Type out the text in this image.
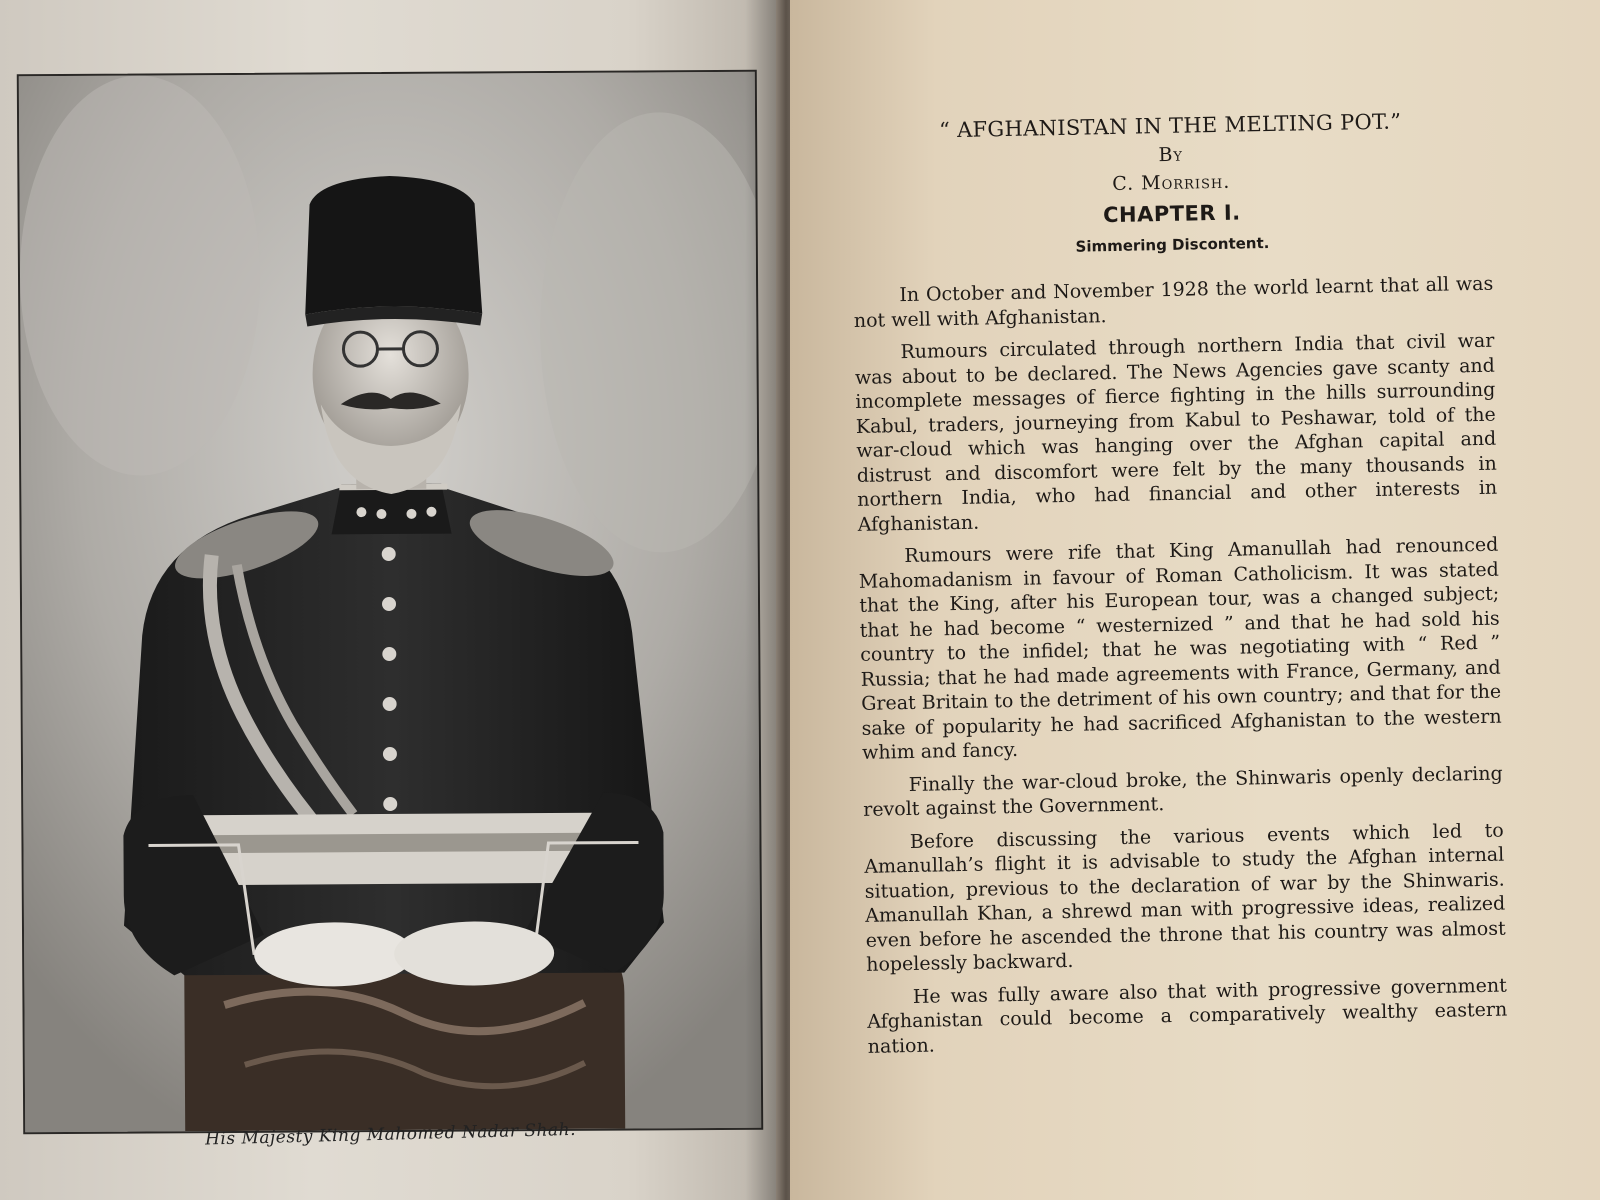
His Majesty King Mahomed Nadar Shah.
“ AFGHANISTAN IN THE MELTING POT.”
By
C. Morrish.
CHAPTER I.
Simmering Discontent.

In October and November 1928 the world learnt that all was not well with Afghanistan.

Rumours circulated through northern India that civil war was about to be declared. The News Agencies gave scanty and incomplete messages of fierce fighting in the hills surrounding Kabul, traders, journeying from Kabul to Peshawar, told of the war-cloud which was hanging over the Afghan capital and distrust and discomfort were felt by the many thousands in northern India, who had financial and other interests in Afghanistan.

Rumours were rife that King Amanullah had renounced Mahomadanism in favour of Roman Catholicism. It was stated that the King, after his European tour, was a changed subject; that he had become “ westernized ” and that he had sold his country to the infidel; that he was negotiating with “ Red ” Russia; that he had made agreements with France, Germany, and Great Britain to the detriment of his own country; and that for the sake of popularity he had sacrificed Afghanistan to the western whim and fancy.

Finally the war-cloud broke, the Shinwaris openly declaring revolt against the Government.

Before discussing the various events which led to Amanullah’s flight it is advisable to study the Afghan internal situation, previous to the declaration of war by the Shinwaris. Amanullah Khan, a shrewd man with progressive ideas, realized even before he ascended the throne that his country was almost hopelessly backward.

He was fully aware also that with progressive government Afghanistan could become a comparatively wealthy eastern nation.
